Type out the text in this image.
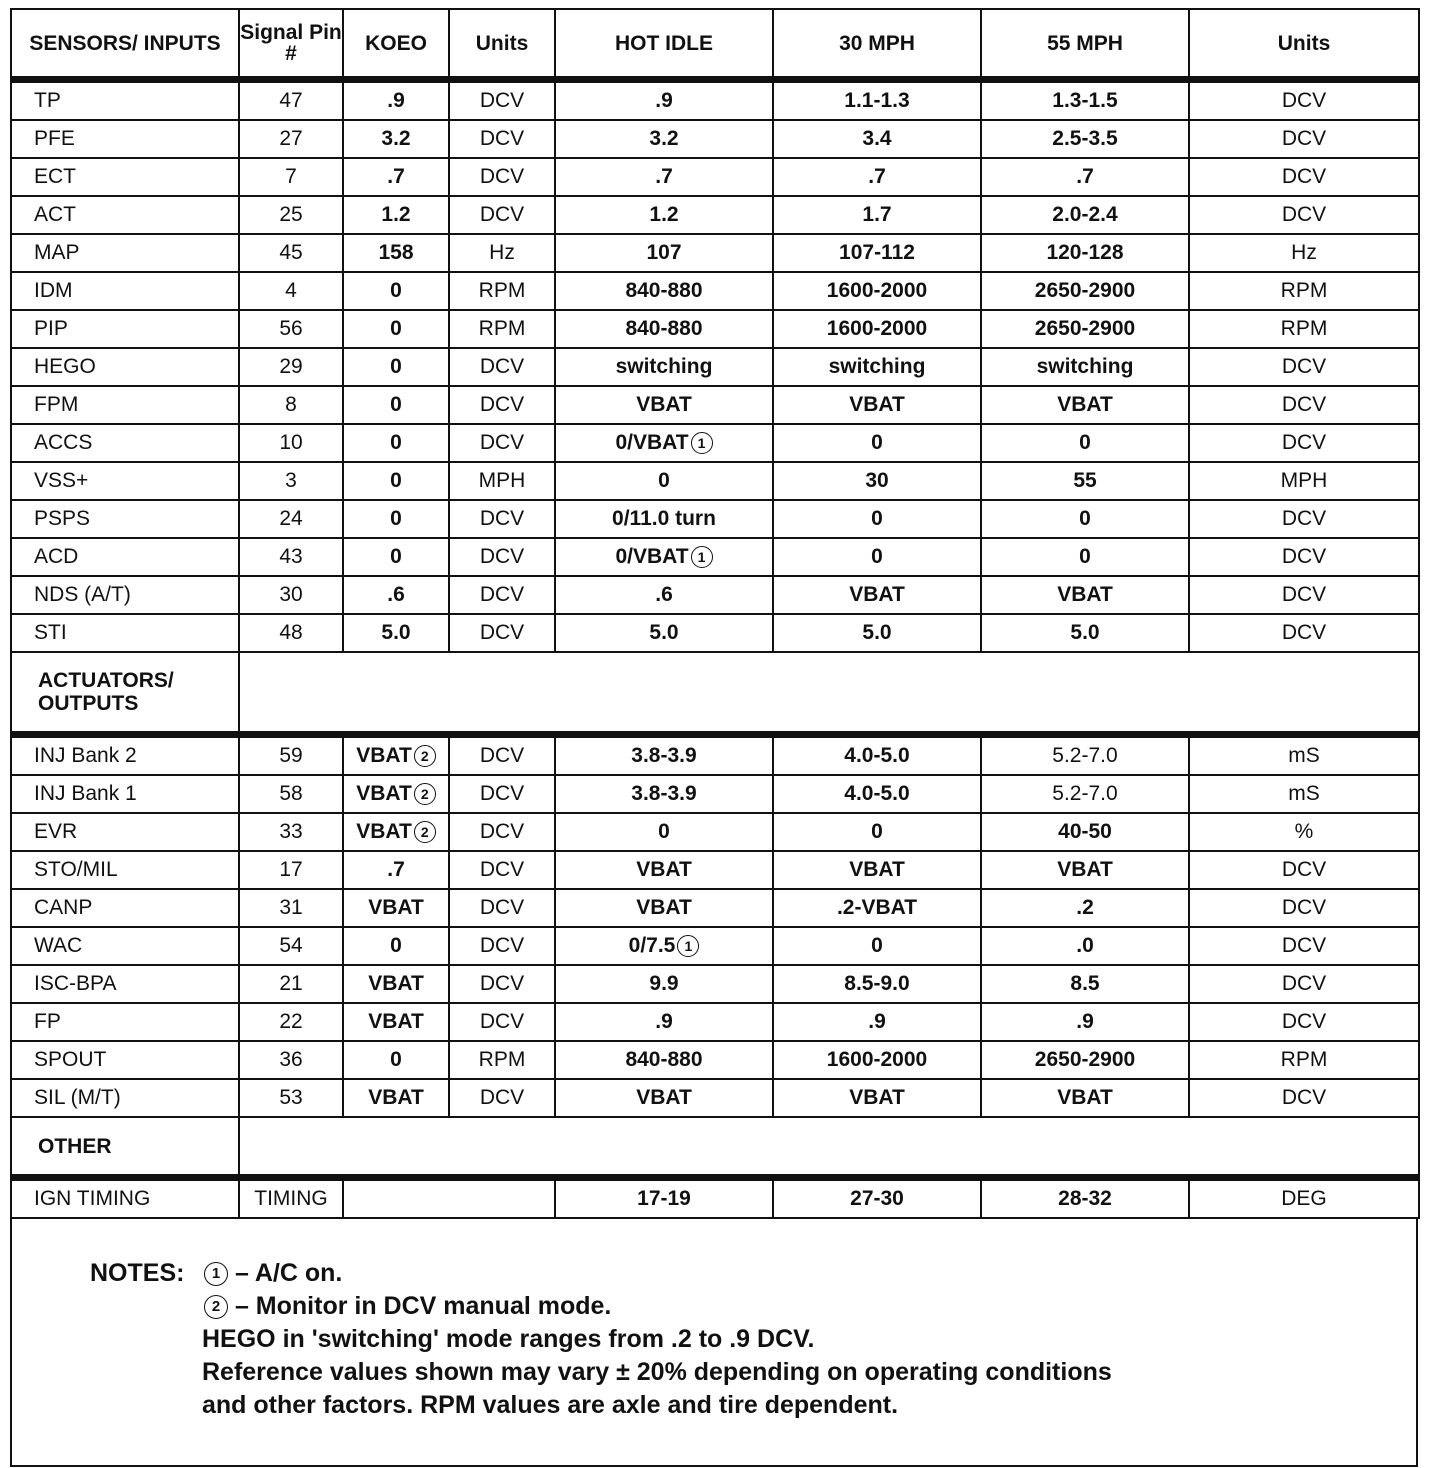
SENSORS/ INPUTS	Signal Pin #	KOEO	Units	HOT IDLE	30 MPH	55 MPH	Units
TP	47	.9	DCV	.9	1.1-1.3	1.3-1.5	DCV
PFE	27	3.2	DCV	3.2	3.4	2.5-3.5	DCV
ECT	7	.7	DCV	.7	.7	.7	DCV
ACT	25	1.2	DCV	1.2	1.7	2.0-2.4	DCV
MAP	45	158	Hz	107	107-112	120-128	Hz
IDM	4	0	RPM	840-880	1600-2000	2650-2900	RPM
PIP	56	0	RPM	840-880	1600-2000	2650-2900	RPM
HEGO	29	0	DCV	switching	switching	switching	DCV
FPM	8	0	DCV	VBAT	VBAT	VBAT	DCV
ACCS	10	0	DCV	0/VBAT 1	0	0	DCV
VSS+	3	0	MPH	0	30	55	MPH
PSPS	24	0	DCV	0/11.0 turn	0	0	DCV
ACD	43	0	DCV	0/VBAT 1	0	0	DCV
NDS (A/T)	30	.6	DCV	.6	VBAT	VBAT	DCV
STI	48	5.0	DCV	5.0	5.0	5.0	DCV
ACTUATORS/ OUTPUTS							
INJ Bank 2	59	VBAT 2	DCV	3.8-3.9	4.0-5.0	5.2-7.0	mS
INJ Bank 1	58	VBAT 2	DCV	3.8-3.9	4.0-5.0	5.2-7.0	mS
EVR	33	VBAT 2	DCV	0	0	40-50	%
STO/MIL	17	.7	DCV	VBAT	VBAT	VBAT	DCV
CANP	31	VBAT	DCV	VBAT	.2-VBAT	.2	DCV
WAC	54	0	DCV	0/7.5 1	0	.0	DCV
ISC-BPA	21	VBAT	DCV	9.9	8.5-9.0	8.5	DCV
FP	22	VBAT	DCV	.9	.9	.9	DCV
SPOUT	36	0	RPM	840-880	1600-2000	2650-2900	RPM
SIL (M/T)	53	VBAT	DCV	VBAT	VBAT	VBAT	DCV
OTHER							
IGN TIMING	TIMING			17-19	27-30	28-32	DEG
NOTES: 1 – A/C on.
2 – Monitor in DCV manual mode.
HEGO in 'switching' mode ranges from .2 to .9 DCV.
Reference values shown may vary ± 20% depending on operating conditions
and other factors. RPM values are axle and tire dependent.
